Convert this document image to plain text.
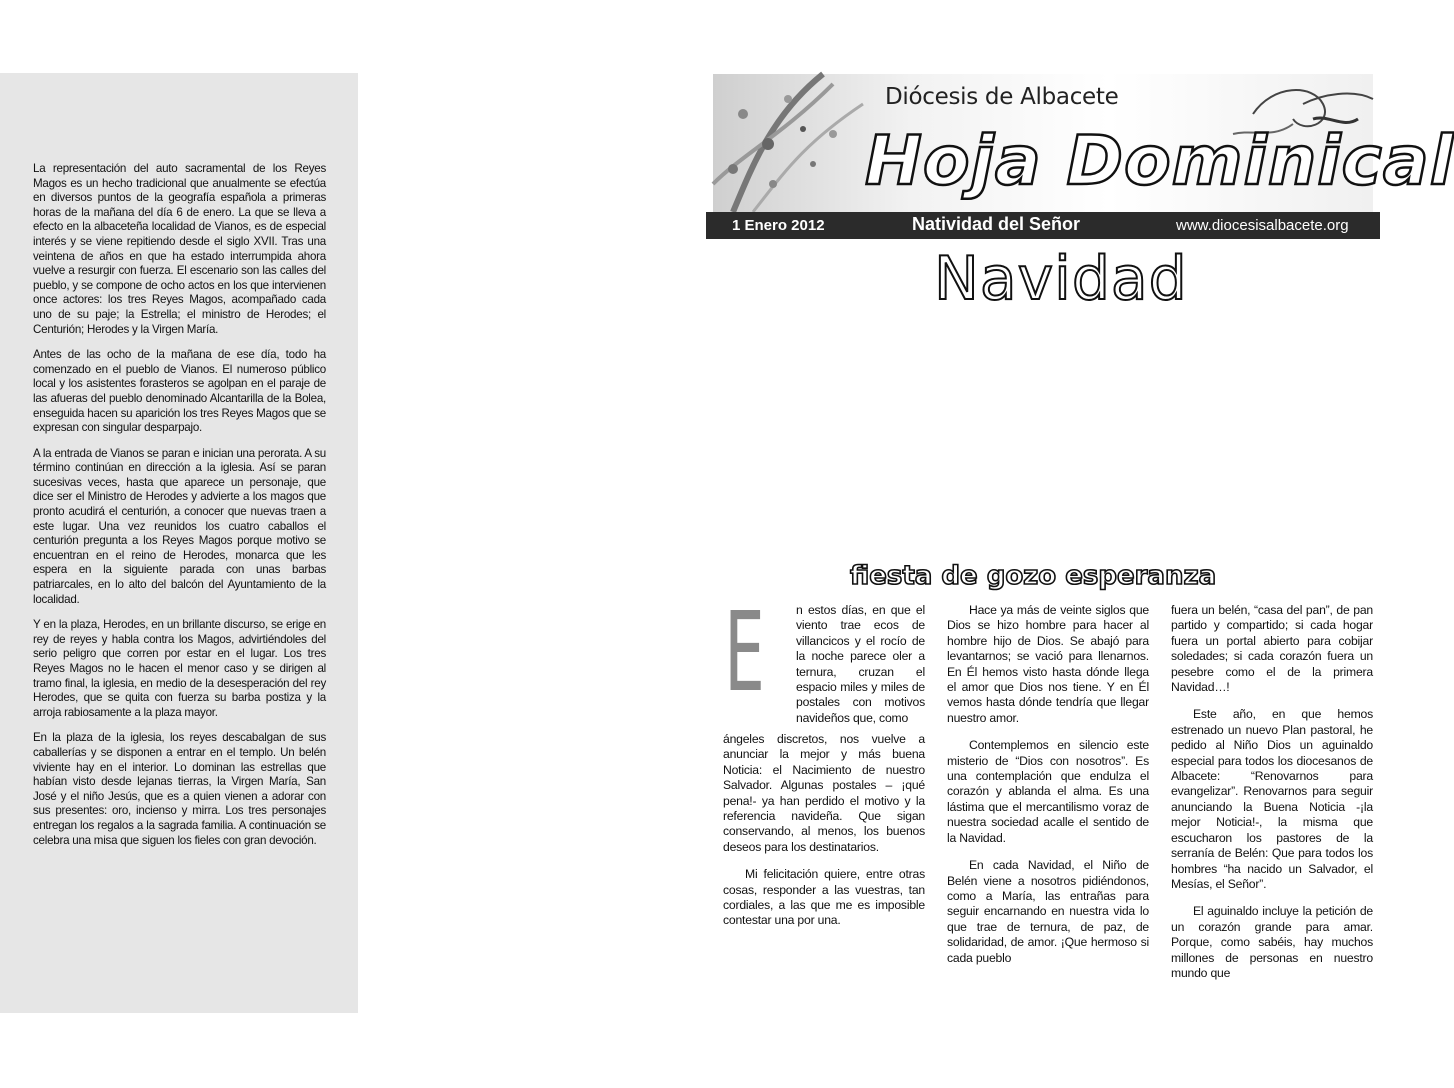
La representación del auto sacramental de los Reyes Magos es un hecho tradicional que anualmente se efectúa en diversos puntos de la geografía española a primeras horas de la mañana del día 6 de enero. La que se lleva a efecto en la albaceteña localidad de Vianos, es de especial interés y se viene repitiendo desde el siglo XVII. Tras una veintena de años en que ha estado interrumpida ahora vuelve a resurgir con fuerza. El escenario son las calles del pueblo, y se compone de ocho actos en los que intervienen once actores: los tres Reyes Magos, acompañado cada uno de su paje; la Estrella; el ministro de Herodes; el Centurión; Herodes y la Virgen María.

Antes de las ocho de la mañana de ese día, todo ha comenzado en el pueblo de Vianos. El numeroso público local y los asistentes forasteros se agolpan en el paraje de las afueras del pueblo denominado Alcantarilla de la Bolea, enseguida hacen su aparición los tres Reyes Magos que se expresan con singular desparpajo.

A la entrada de Vianos se paran e inician una perorata. A su término continúan en dirección a la iglesia. Así se paran sucesivas veces, hasta que aparece un personaje, que dice ser el Ministro de Herodes y advierte a los magos que pronto acudirá el centurión, a conocer que nuevas traen a este lugar. Una vez reunidos los cuatro caballos el centurión pregunta a los Reyes Magos porque motivo se encuentran en el reino de Herodes, monarca que les espera en la siguiente parada con unas barbas patriarcales, en lo alto del balcón del Ayuntamiento de la localidad.

Y en la plaza, Herodes, en un brillante discurso, se erige en rey de reyes y habla contra los Magos, advirtiéndoles del serio peligro que corren por estar en el lugar. Los tres Reyes Magos no le hacen el menor caso y se dirigen al tramo final, la iglesia, en medio de la desesperación del rey Herodes, que se quita con fuerza su barba postiza y la arroja rabiosamente a la plaza mayor.

En la plaza de la iglesia, los reyes descabalgan de sus caballerías y se disponen a entrar en el templo. Un belén viviente hay en el interior. Lo dominan las estrellas que habían visto desde lejanas tierras, la Virgen María, San José y el niño Jesús, que es a quien vienen a adorar con sus presentes: oro, incienso y mirra. Los tres personajes entregan los regalos a la sagrada familia. A continuación se celebra una misa que siguen los fieles con gran devoción.

Diócesis de Albacete
Hoja Dominical
1 Enero 2012	Natividad del Señor	www.diocesisalbacete.org
Navidad
fiesta de gozo esperanza
E	n estos días, en que el viento trae ecos de villancicos y el rocío de la noche parece oler a ternura, cruzan el espacio miles y miles de postales con motivos navideños que, como

ángeles discretos, nos vuelve a anunciar la mejor y más buena Noticia: el Nacimiento de nuestro Salvador. Algunas postales – ¡qué pena!- ya han perdido el motivo y la referencia navideña. Que sigan conservando, al menos, los buenos deseos para los destinatarios.

Mi felicitación quiere, entre otras cosas, responder a las vuestras, tan cordiales, a las que me es imposible contestar una por una.

Hace ya más de veinte siglos que Dios se hizo hombre para hacer al hombre hijo de Dios. Se abajó para levantarnos; se vació para llenarnos. En Él hemos visto hasta dónde llega el amor que Dios nos tiene. Y en Él vemos hasta dónde tendría que llegar nuestro amor.

Contemplemos en silencio este misterio de “Dios con nosotros”. Es una contemplación que endulza el corazón y ablanda el alma. Es una lástima que el mercantilismo voraz de nuestra sociedad acalle el sentido de la Navidad.

En cada Navidad, el Niño de Belén viene a nosotros pidiéndonos, como a María, las entrañas para seguir encarnando en nuestra vida lo que trae de ternura, de paz, de solidaridad, de amor. ¡Que hermoso si cada pueblo

fuera un belén, “casa del pan”, de pan partido y compartido; si cada hogar fuera un portal abierto para cobijar soledades; si cada corazón fuera un pesebre como el de la primera Navidad…!

Este año, en que hemos estrenado un nuevo Plan pastoral, he pedido al Niño Dios un aguinaldo especial para todos los diocesanos de Albacete: “Renovarnos para evangelizar”. Renovarnos para seguir anunciando la Buena Noticia -¡la mejor Noticia!-, la misma que escucharon los pastores de la serranía de Belén: Que para todos los hombres “ha nacido un Salvador, el Mesías, el Señor”.

El aguinaldo incluye la petición de un corazón grande para amar. Porque, como sabéis, hay muchos millones de personas en nuestro mundo que
